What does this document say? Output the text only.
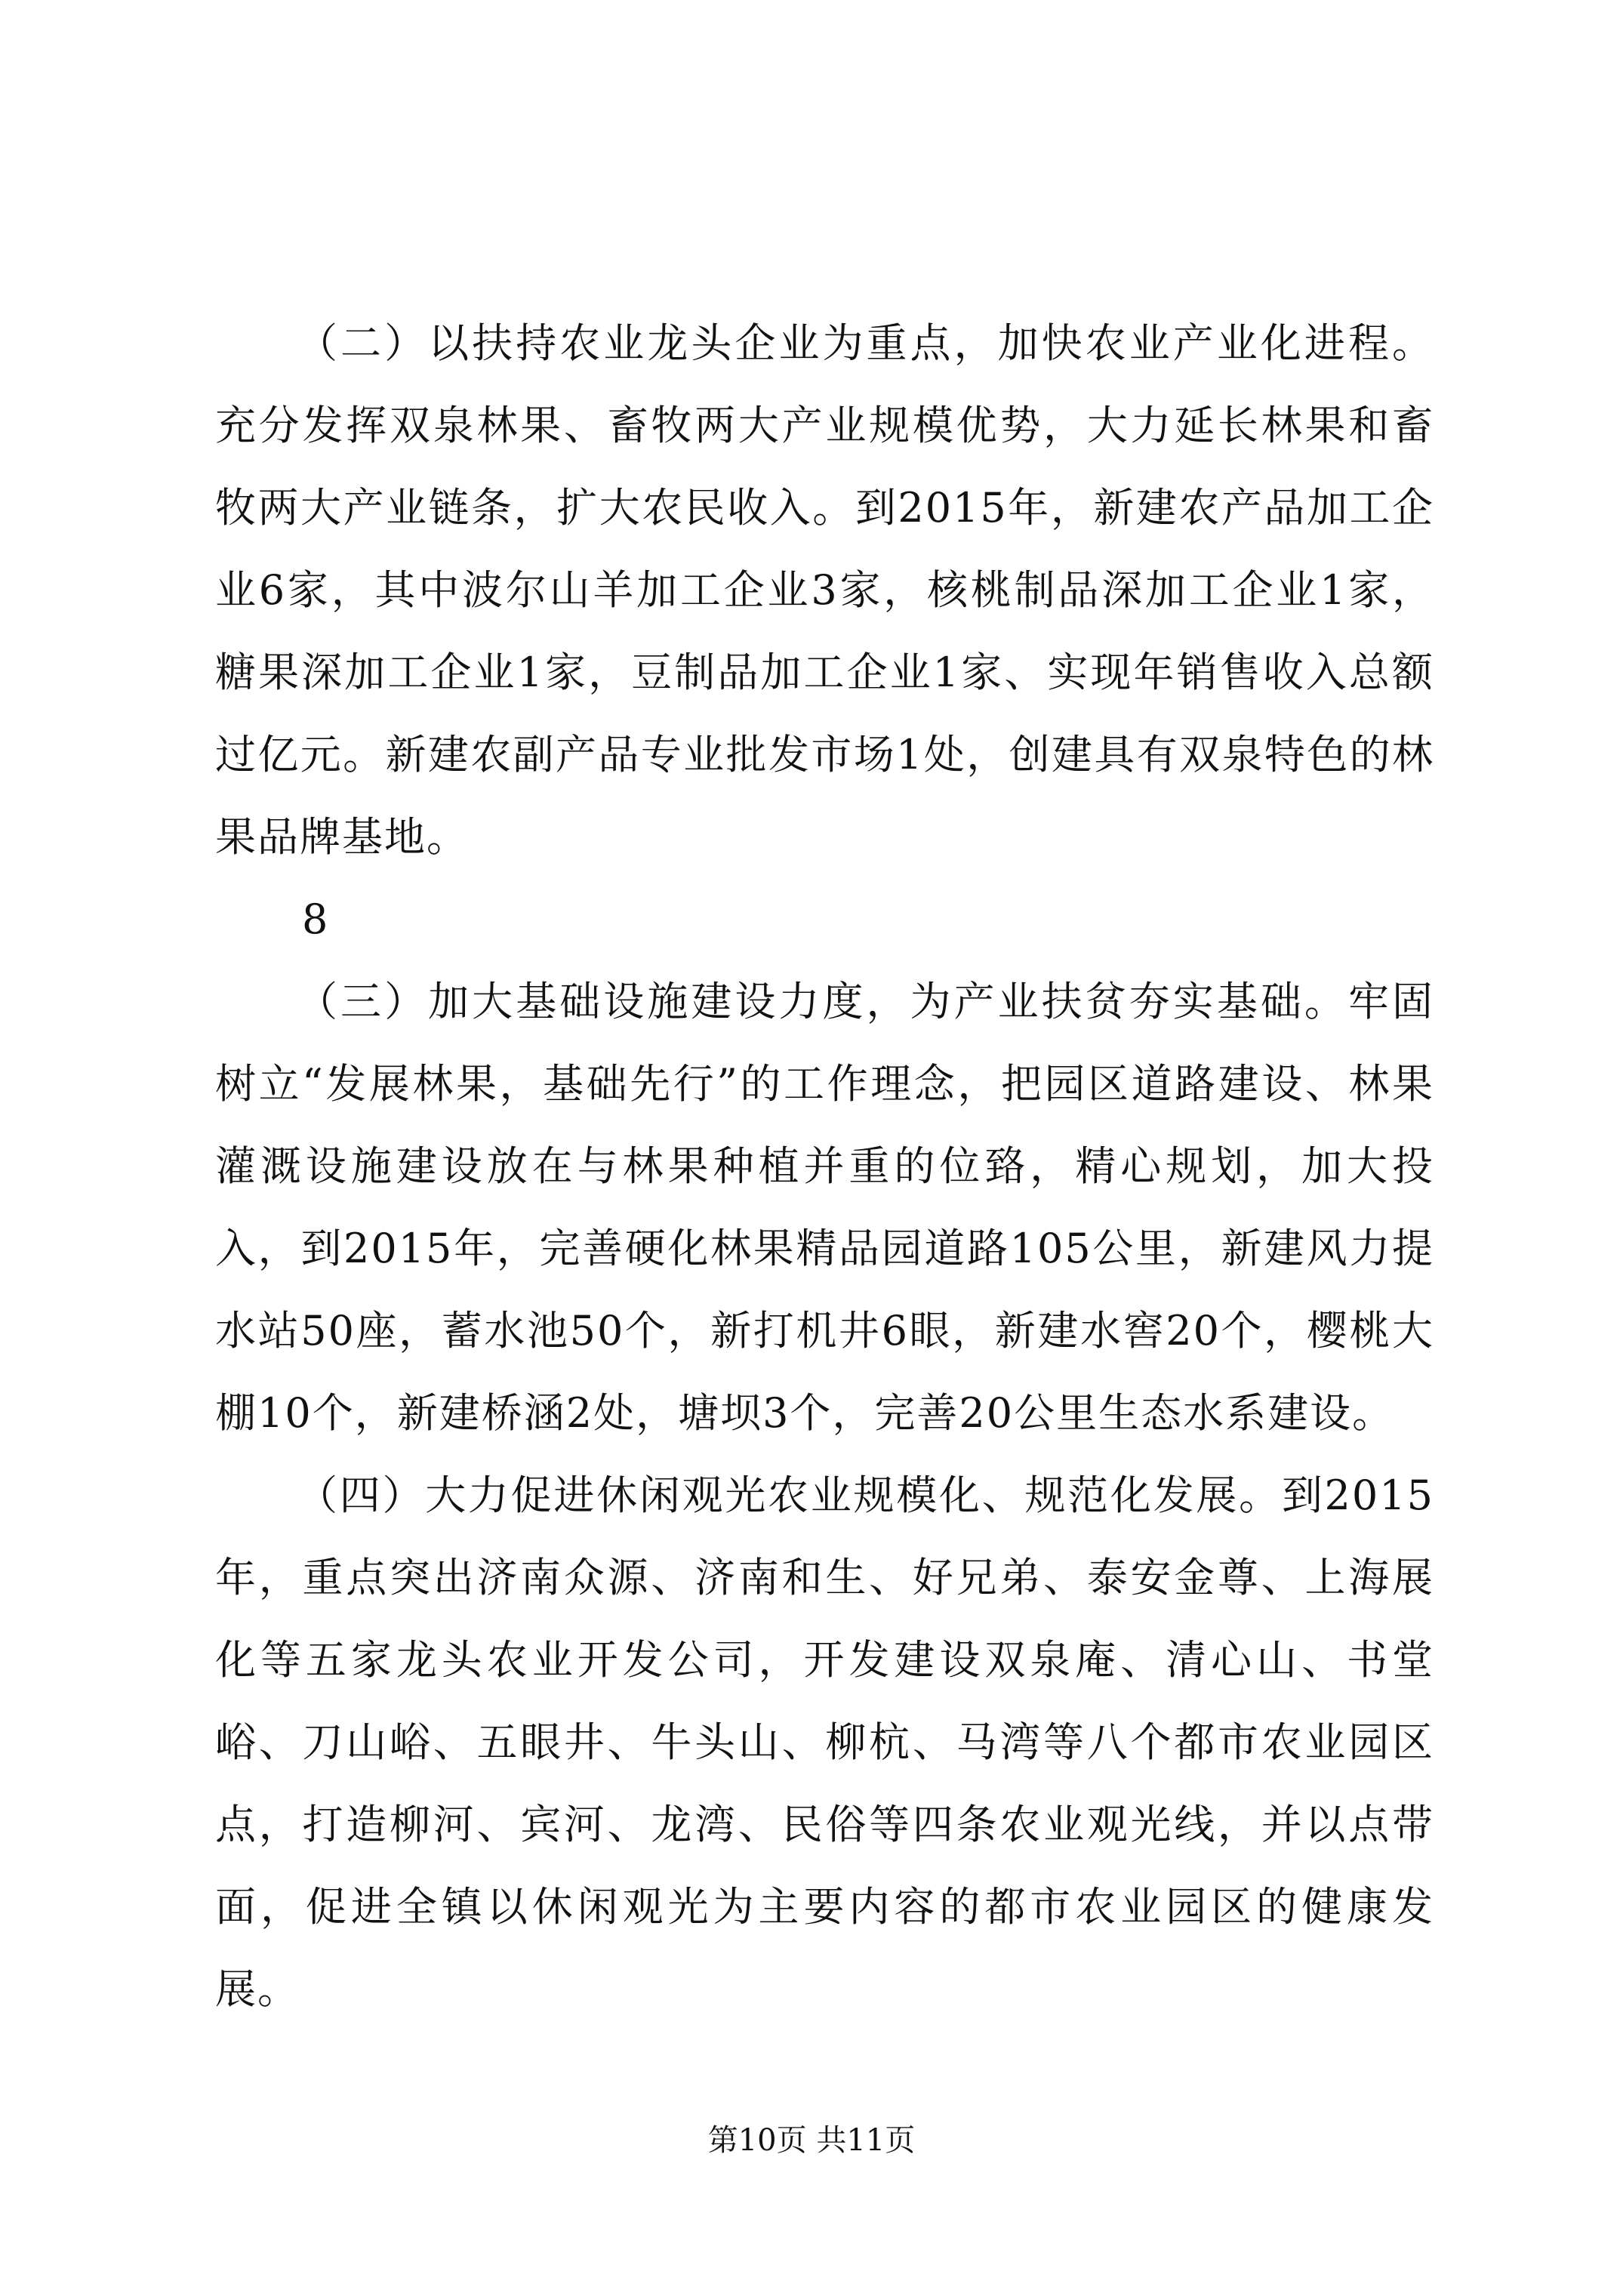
（二）以扶持农业龙头企业为重点，加快农业产业化进程。充分发挥双泉林果、畜牧两大产业规模优势，大力延长林果和畜牧两大产业链条，扩大农民收入。到2015年，新建农产品加工企业6家，其中波尔山羊加工企业3家，核桃制品深加工企业1家，糖果深加工企业1家，豆制品加工企业1家、实现年销售收入总额过亿元。新建农副产品专业批发市场1处，创建具有双泉特色的林果品牌基地。

8

（三）加大基础设施建设力度，为产业扶贫夯实基础。牢固树立“发展林果，基础先行”的工作理念，把园区道路建设、林果灌溉设施建设放在与林果种植并重的位臵，精心规划，加大投入，到2015年，完善硬化林果精品园道路105公里，新建风力提水站50座，蓄水池50个，新打机井6眼，新建水窖20个，樱桃大棚10个，新建桥涵2处，塘坝3个，完善20公里生态水系建设。

（四）大力促进休闲观光农业规模化、规范化发展。到2015年，重点突出济南众源、济南和生、好兄弟、泰安金尊、上海展化等五家龙头农业开发公司，开发建设双泉庵、清心山、书堂峪、刀山峪、五眼井、牛头山、柳杭、马湾等八个都市农业园区点，打造柳河、宾河、龙湾、民俗等四条农业观光线，并以点带面，促进全镇以休闲观光为主要内容的都市农业园区的健康发展。

第10页 共11页
